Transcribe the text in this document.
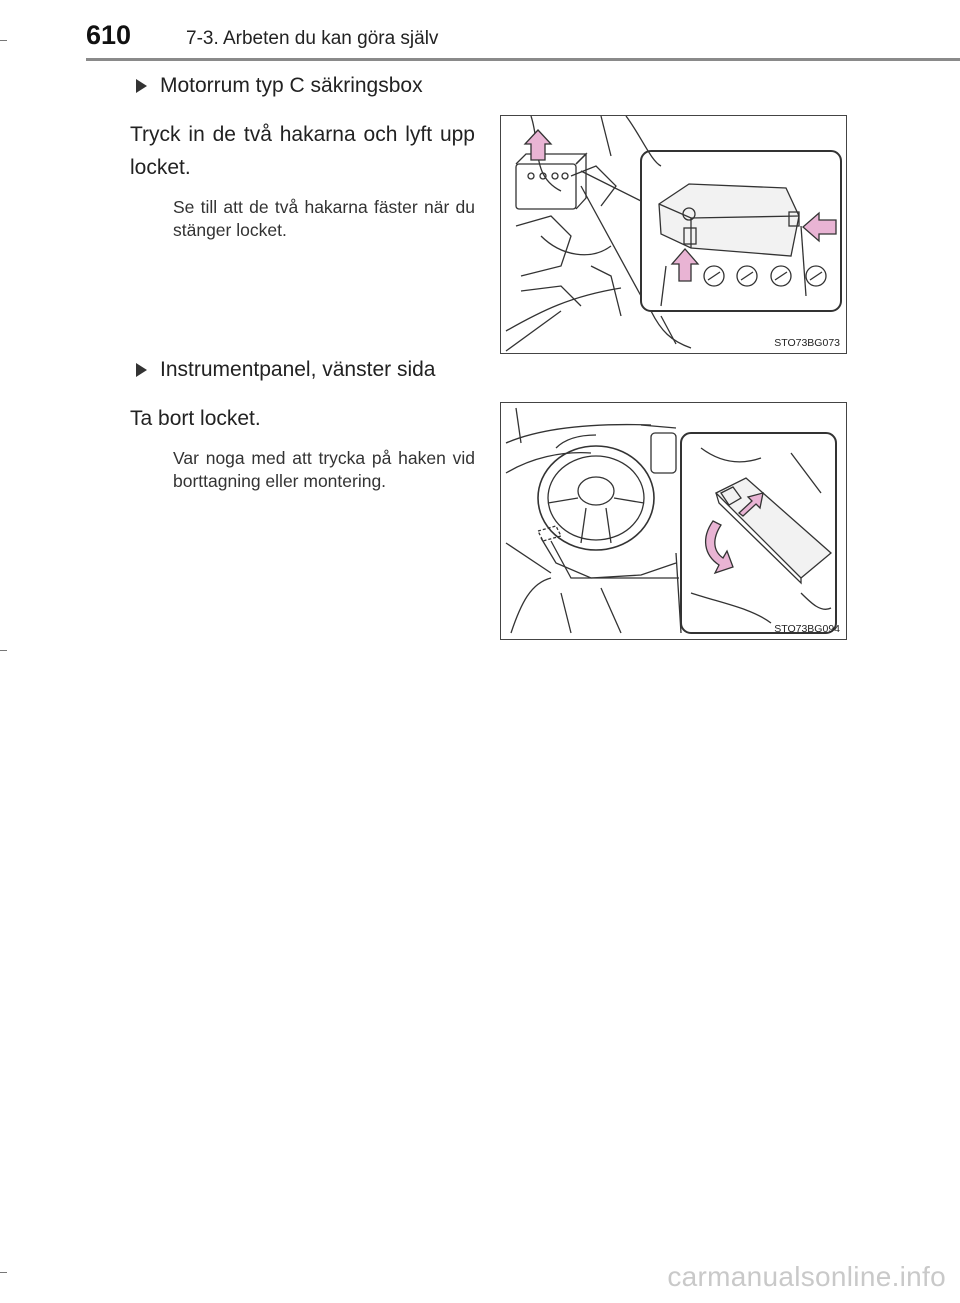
610	7-3. Arbeten du kan göra själv
Motorrum typ C säkringsbox
Tryck in de två hakarna och lyft upp locket.
Se till att de två hakarna fäster när du stänger locket.
STO73BG073
Instrumentpanel, vänster sida
Ta bort locket.
Var noga med att trycka på haken vid borttagning eller montering.
STO73BG094
carmanualsonline.info
